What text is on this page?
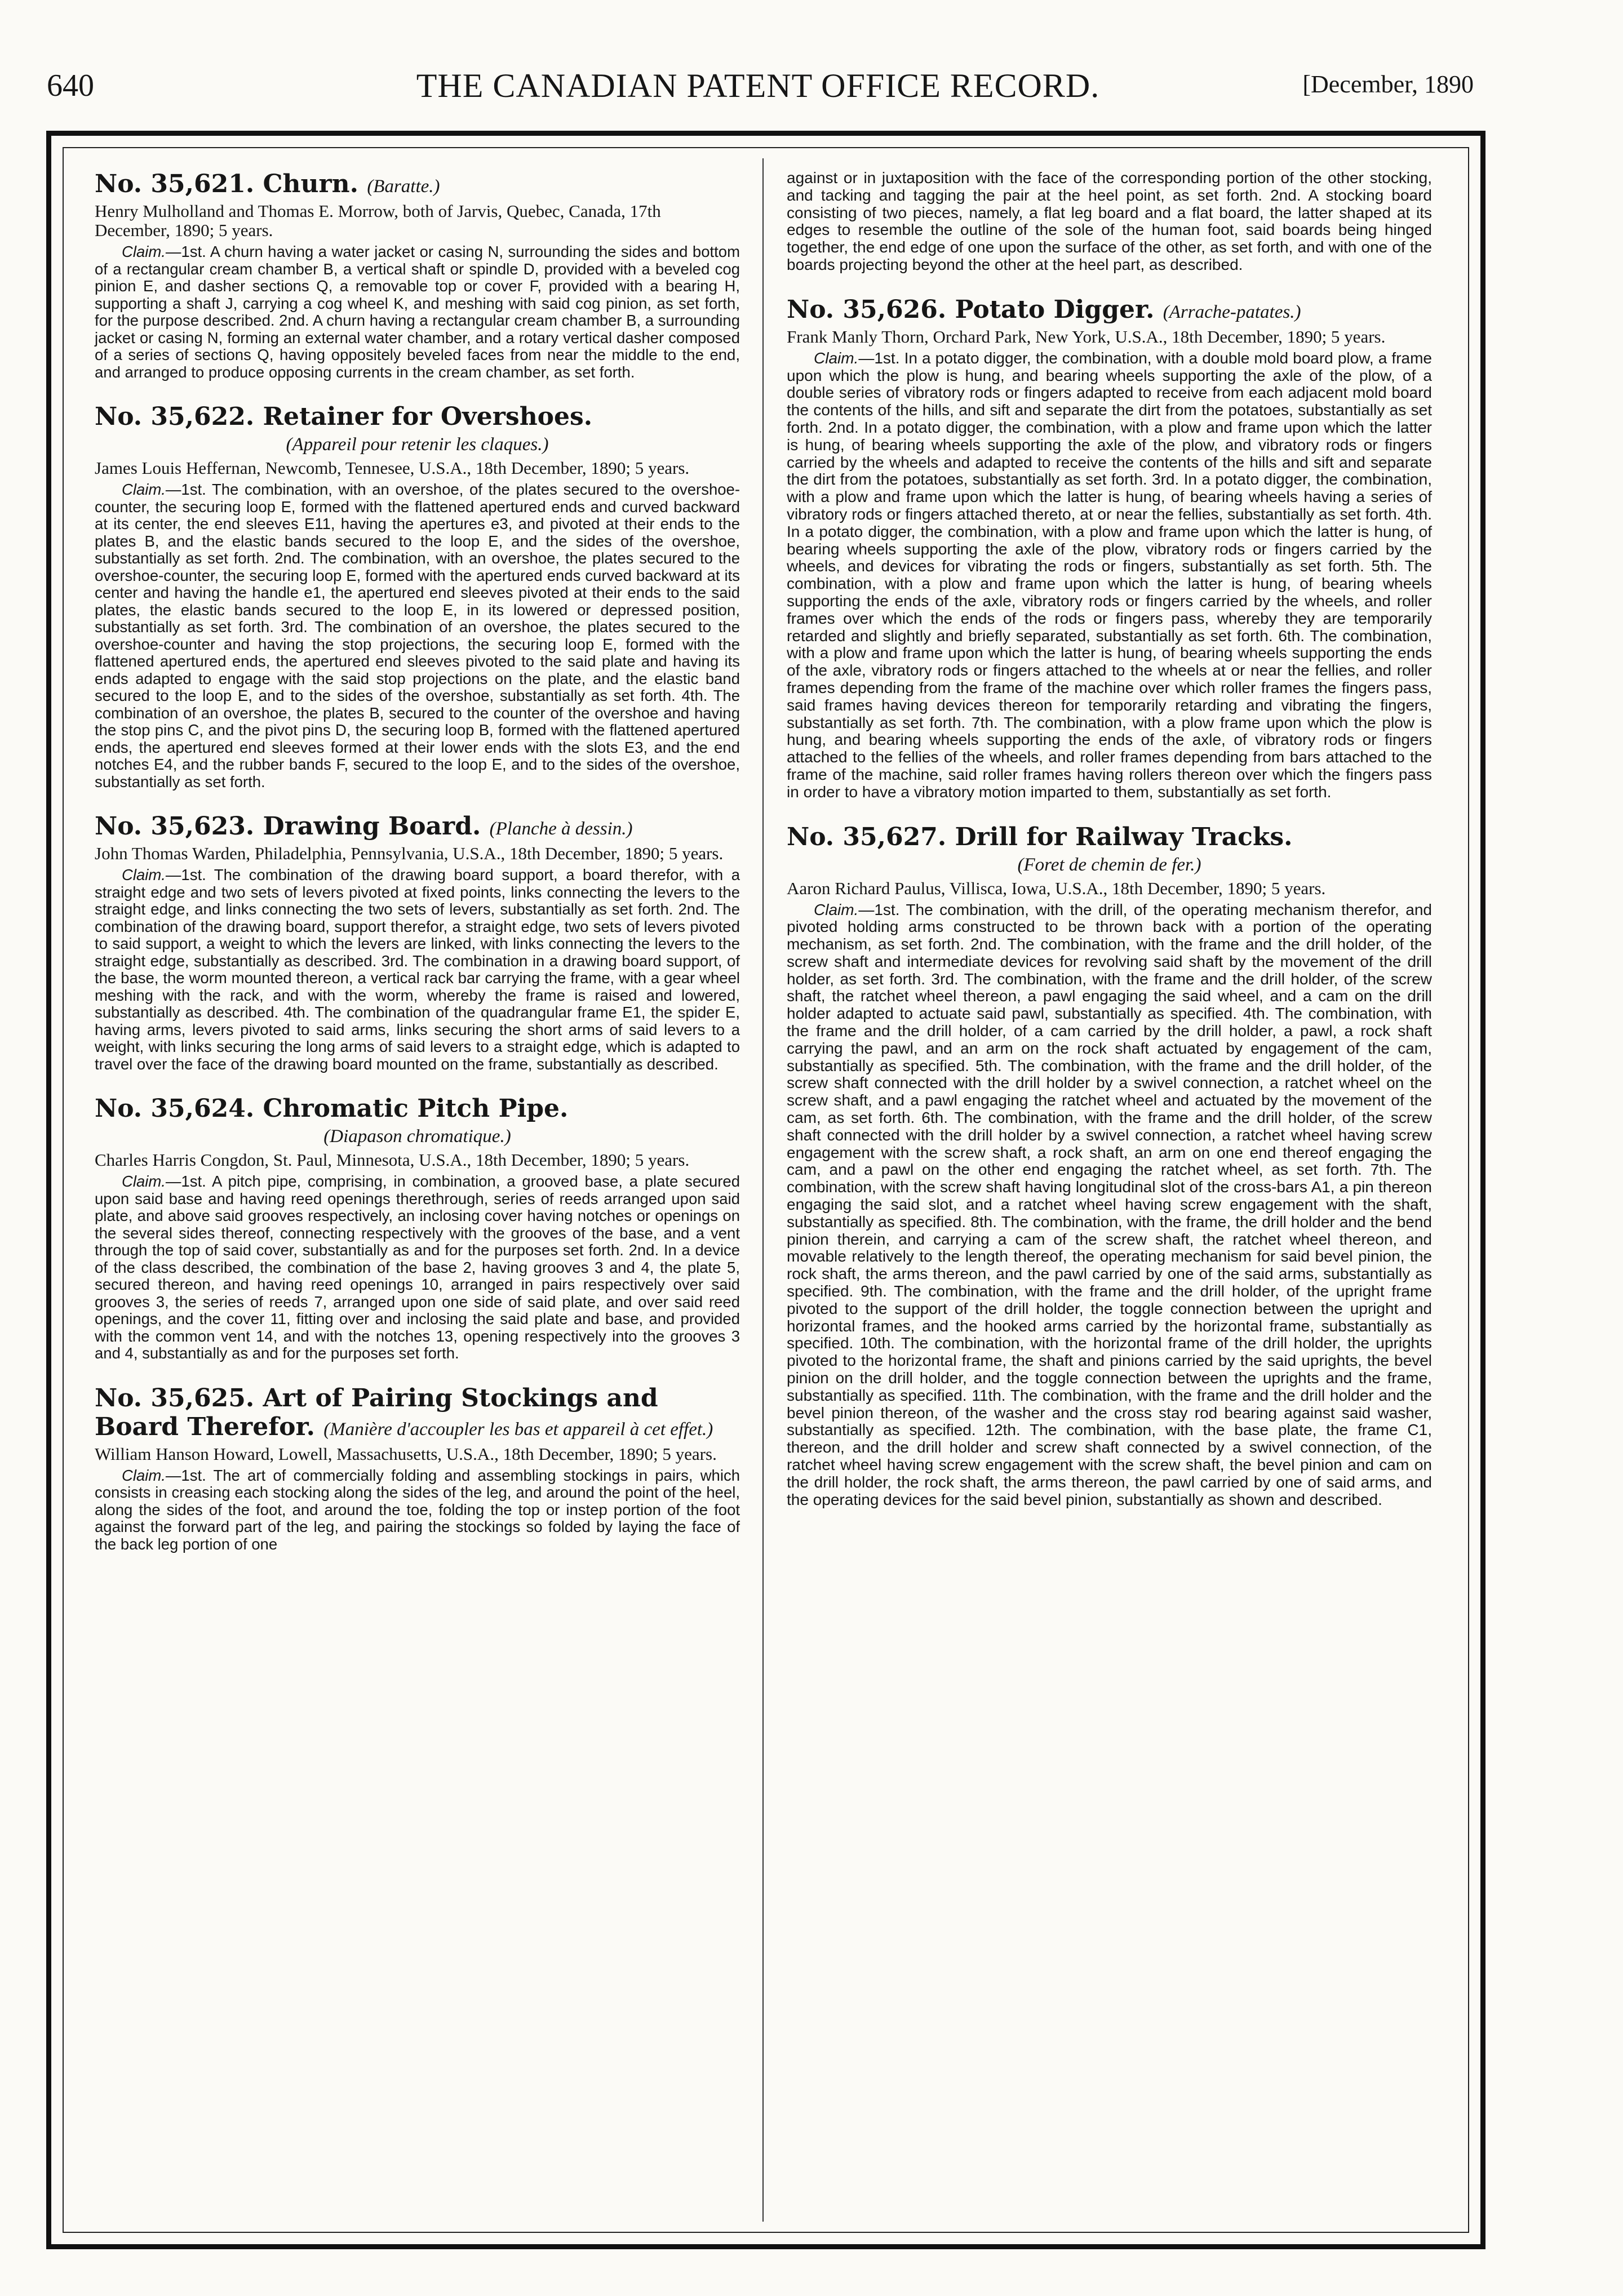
640	THE CANADIAN PATENT OFFICE RECORD.	[December, 1890
No. 35,621. Churn. (Baratte.)
Henry Mulholland and Thomas E. Morrow, both of Jarvis, Quebec, Canada, 17th December, 1890; 5 years.

Claim.—1st. A churn having a water jacket or casing N, surrounding the sides and bottom of a rectangular cream chamber B, a vertical shaft or spindle D, provided with a beveled cog pinion E, and dasher sections Q, a removable top or cover F, provided with a bearing H, supporting a shaft J, carrying a cog wheel K, and meshing with said cog pinion, as set forth, for the purpose described. 2nd. A churn having a rectangular cream chamber B, a surrounding jacket or casing N, forming an external water chamber, and a rotary vertical dasher composed of a series of sections Q, having oppositely beveled faces from near the middle to the end, and arranged to produce opposing currents in the cream chamber, as set forth.

No. 35,622. Retainer for Overshoes.
(Appareil pour retenir les claques.)
James Louis Heffernan, Newcomb, Tennesee, U.S.A., 18th December, 1890; 5 years.

Claim.—1st. The combination, with an overshoe, of the plates secured to the overshoe-counter, the securing loop E, formed with the flattened apertured ends and curved backward at its center, the end sleeves E11, having the apertures e3, and pivoted at their ends to the plates B, and the elastic bands secured to the loop E, and the sides of the overshoe, substantially as set forth. 2nd. The combination, with an overshoe, the plates secured to the overshoe-counter, the securing loop E, formed with the apertured ends curved backward at its center and having the handle e1, the apertured end sleeves pivoted at their ends to the said plates, the elastic bands secured to the loop E, in its lowered or depressed position, substantially as set forth. 3rd. The combination of an overshoe, the plates secured to the overshoe-counter and having the stop projections, the securing loop E, formed with the flattened apertured ends, the apertured end sleeves pivoted to the said plate and having its ends adapted to engage with the said stop projections on the plate, and the elastic band secured to the loop E, and to the sides of the overshoe, substantially as set forth. 4th. The combination of an overshoe, the plates B, secured to the counter of the overshoe and having the stop pins C, and the pivot pins D, the securing loop B, formed with the flattened apertured ends, the apertured end sleeves formed at their lower ends with the slots E3, and the end notches E4, and the rubber bands F, secured to the loop E, and to the sides of the overshoe, substantially as set forth.

No. 35,623. Drawing Board. (Planche à dessin.)
John Thomas Warden, Philadelphia, Pennsylvania, U.S.A., 18th December, 1890; 5 years.

Claim.—1st. The combination of the drawing board support, a board therefor, with a straight edge and two sets of levers pivoted at fixed points, links connecting the levers to the straight edge, and links connecting the two sets of levers, substantially as set forth. 2nd. The combination of the drawing board, support therefor, a straight edge, two sets of levers pivoted to said support, a weight to which the levers are linked, with links connecting the levers to the straight edge, substantially as described. 3rd. The combination in a drawing board support, of the base, the worm mounted thereon, a vertical rack bar carrying the frame, with a gear wheel meshing with the rack, and with the worm, whereby the frame is raised and lowered, substantially as described. 4th. The combination of the quadrangular frame E1, the spider E, having arms, levers pivoted to said arms, links securing the short arms of said levers to a weight, with links securing the long arms of said levers to a straight edge, which is adapted to travel over the face of the drawing board mounted on the frame, substantially as described.

No. 35,624. Chromatic Pitch Pipe.
(Diapason chromatique.)
Charles Harris Congdon, St. Paul, Minnesota, U.S.A., 18th December, 1890; 5 years.

Claim.—1st. A pitch pipe, comprising, in combination, a grooved base, a plate secured upon said base and having reed openings therethrough, series of reeds arranged upon said plate, and above said grooves respectively, an inclosing cover having notches or openings on the several sides thereof, connecting respectively with the grooves of the base, and a vent through the top of said cover, substantially as and for the purposes set forth. 2nd. In a device of the class described, the combination of the base 2, having grooves 3 and 4, the plate 5, secured thereon, and having reed openings 10, arranged in pairs respectively over said grooves 3, the series of reeds 7, arranged upon one side of said plate, and over said reed openings, and the cover 11, fitting over and inclosing the said plate and base, and provided with the common vent 14, and with the notches 13, opening respectively into the grooves 3 and 4, substantially as and for the purposes set forth.

No. 35,625. Art of Pairing Stockings and Board Therefor. (Manière d'accoupler les bas et appareil à cet effet.)
William Hanson Howard, Lowell, Massachusetts, U.S.A., 18th December, 1890; 5 years.

Claim.—1st. The art of commercially folding and assembling stockings in pairs, which consists in creasing each stocking along the sides of the leg, and around the point of the heel, along the sides of the foot, and around the toe, folding the top or instep portion of the foot against the forward part of the leg, and pairing the stockings so folded by laying the face of the back leg portion of one

against or in juxtaposition with the face of the corresponding portion of the other stocking, and tacking and tagging the pair at the heel point, as set forth. 2nd. A stocking board consisting of two pieces, namely, a flat leg board and a flat board, the latter shaped at its edges to resemble the outline of the sole of the human foot, said boards being hinged together, the end edge of one upon the surface of the other, as set forth, and with one of the boards projecting beyond the other at the heel part, as described.

No. 35,626. Potato Digger. (Arrache-patates.)
Frank Manly Thorn, Orchard Park, New York, U.S.A., 18th December, 1890; 5 years.

Claim.—1st. In a potato digger, the combination, with a double mold board plow, a frame upon which the plow is hung, and bearing wheels supporting the axle of the plow, of a double series of vibratory rods or fingers adapted to receive from each adjacent mold board the contents of the hills, and sift and separate the dirt from the potatoes, substantially as set forth. 2nd. In a potato digger, the combination, with a plow and frame upon which the latter is hung, of bearing wheels supporting the axle of the plow, and vibratory rods or fingers carried by the wheels and adapted to receive the contents of the hills and sift and separate the dirt from the potatoes, substantially as set forth. 3rd. In a potato digger, the combination, with a plow and frame upon which the latter is hung, of bearing wheels having a series of vibratory rods or fingers attached thereto, at or near the fellies, substantially as set forth. 4th. In a potato digger, the combination, with a plow and frame upon which the latter is hung, of bearing wheels supporting the axle of the plow, vibratory rods or fingers carried by the wheels, and devices for vibrating the rods or fingers, substantially as set forth. 5th. The combination, with a plow and frame upon which the latter is hung, of bearing wheels supporting the ends of the axle, vibratory rods or fingers carried by the wheels, and roller frames over which the ends of the rods or fingers pass, whereby they are temporarily retarded and slightly and briefly separated, substantially as set forth. 6th. The combination, with a plow and frame upon which the latter is hung, of bearing wheels supporting the ends of the axle, vibratory rods or fingers attached to the wheels at or near the fellies, and roller frames depending from the frame of the machine over which roller frames the fingers pass, said frames having devices thereon for temporarily retarding and vibrating the fingers, substantially as set forth. 7th. The combination, with a plow frame upon which the plow is hung, and bearing wheels supporting the ends of the axle, of vibratory rods or fingers attached to the fellies of the wheels, and roller frames depending from bars attached to the frame of the machine, said roller frames having rollers thereon over which the fingers pass in order to have a vibratory motion imparted to them, substantially as set forth.

No. 35,627. Drill for Railway Tracks.
(Foret de chemin de fer.)
Aaron Richard Paulus, Villisca, Iowa, U.S.A., 18th December, 1890; 5 years.

Claim.—1st. The combination, with the drill, of the operating mechanism therefor, and pivoted holding arms constructed to be thrown back with a portion of the operating mechanism, as set forth. 2nd. The combination, with the frame and the drill holder, of the screw shaft and intermediate devices for revolving said shaft by the movement of the drill holder, as set forth. 3rd. The combination, with the frame and the drill holder, of the screw shaft, the ratchet wheel thereon, a pawl engaging the said wheel, and a cam on the drill holder adapted to actuate said pawl, substantially as specified. 4th. The combination, with the frame and the drill holder, of a cam carried by the drill holder, a pawl, a rock shaft carrying the pawl, and an arm on the rock shaft actuated by engagement of the cam, substantially as specified. 5th. The combination, with the frame and the drill holder, of the screw shaft connected with the drill holder by a swivel connection, a ratchet wheel on the screw shaft, and a pawl engaging the ratchet wheel and actuated by the movement of the cam, as set forth. 6th. The combination, with the frame and the drill holder, of the screw shaft connected with the drill holder by a swivel connection, a ratchet wheel having screw engagement with the screw shaft, a rock shaft, an arm on one end thereof engaging the cam, and a pawl on the other end engaging the ratchet wheel, as set forth. 7th. The combination, with the screw shaft having longitudinal slot of the cross-bars A1, a pin thereon engaging the said slot, and a ratchet wheel having screw engagement with the shaft, substantially as specified. 8th. The combination, with the frame, the drill holder and the bend pinion therein, and carrying a cam of the screw shaft, the ratchet wheel thereon, and movable relatively to the length thereof, the operating mechanism for said bevel pinion, the rock shaft, the arms thereon, and the pawl carried by one of the said arms, substantially as specified. 9th. The combination, with the frame and the drill holder, of the upright frame pivoted to the support of the drill holder, the toggle connection between the upright and horizontal frames, and the hooked arms carried by the horizontal frame, substantially as specified. 10th. The combination, with the horizontal frame of the drill holder, the uprights pivoted to the horizontal frame, the shaft and pinions carried by the said uprights, the bevel pinion on the drill holder, and the toggle connection between the uprights and the frame, substantially as specified. 11th. The combination, with the frame and the drill holder and the bevel pinion thereon, of the washer and the cross stay rod bearing against said washer, substantially as specified. 12th. The combination, with the base plate, the frame C1, thereon, and the drill holder and screw shaft connected by a swivel connection, of the ratchet wheel having screw engagement with the screw shaft, the bevel pinion and cam on the drill holder, the rock shaft, the arms thereon, the pawl carried by one of said arms, and the operating devices for the said bevel pinion, substantially as shown and described.
